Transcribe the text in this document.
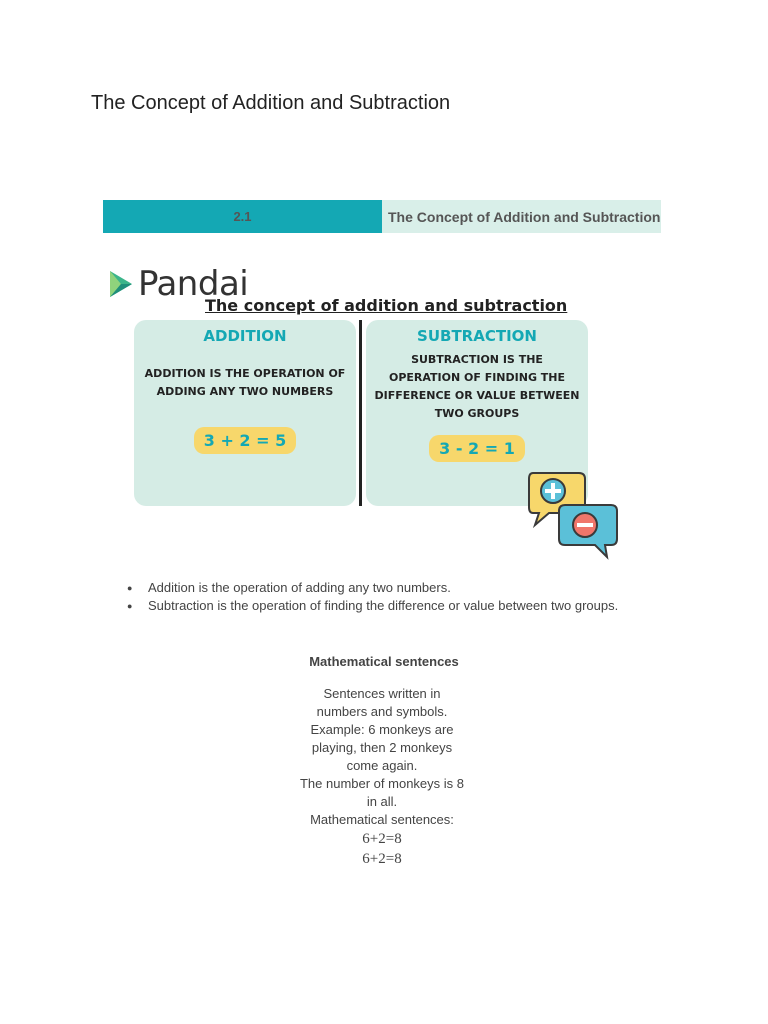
The Concept of Addition and Subtraction
2.1	The Concept of Addition and Subtraction
Pandai
The concept of addition and subtraction
ADDITION
ADDITION IS THE OPERATION OF ADDING ANY TWO NUMBERS
3 + 2 = 5
SUBTRACTION
SUBTRACTION IS THE OPERATION OF FINDING THE DIFFERENCE OR VALUE BETWEEN TWO GROUPS
3 - 2 = 1
● Addition is the operation of adding any two numbers.
● Subtraction is the operation of finding the difference or value between two groups.
Mathematical sentences
Sentences written in
numbers and symbols.
Example: 6 monkeys are
playing, then 2 monkeys
come again.
The number of monkeys is 8
in all.
Mathematical sentences:
6+2=8
6+2=8
